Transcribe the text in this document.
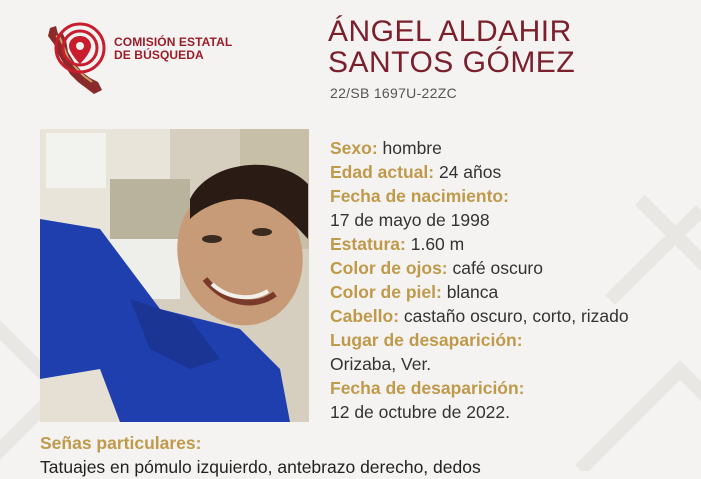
COMISIÓN ESTATAL
DE BÚSQUEDA
ÁNGEL ALDAHIR
SANTOS GÓMEZ
22/SB 1697U-22ZC
Sexo: hombre
Edad actual: 24 años
Fecha de nacimiento:
17 de mayo de 1998
Estatura: 1.60 m
Color de ojos: café oscuro
Color de piel: blanca
Cabello: castaño oscuro, corto, rizado
Lugar de desaparición:
Orizaba, Ver.
Fecha de desaparición:
12 de octubre de 2022.
Señas particulares:
Tatuajes en pómulo izquierdo, antebrazo derecho, dedos
